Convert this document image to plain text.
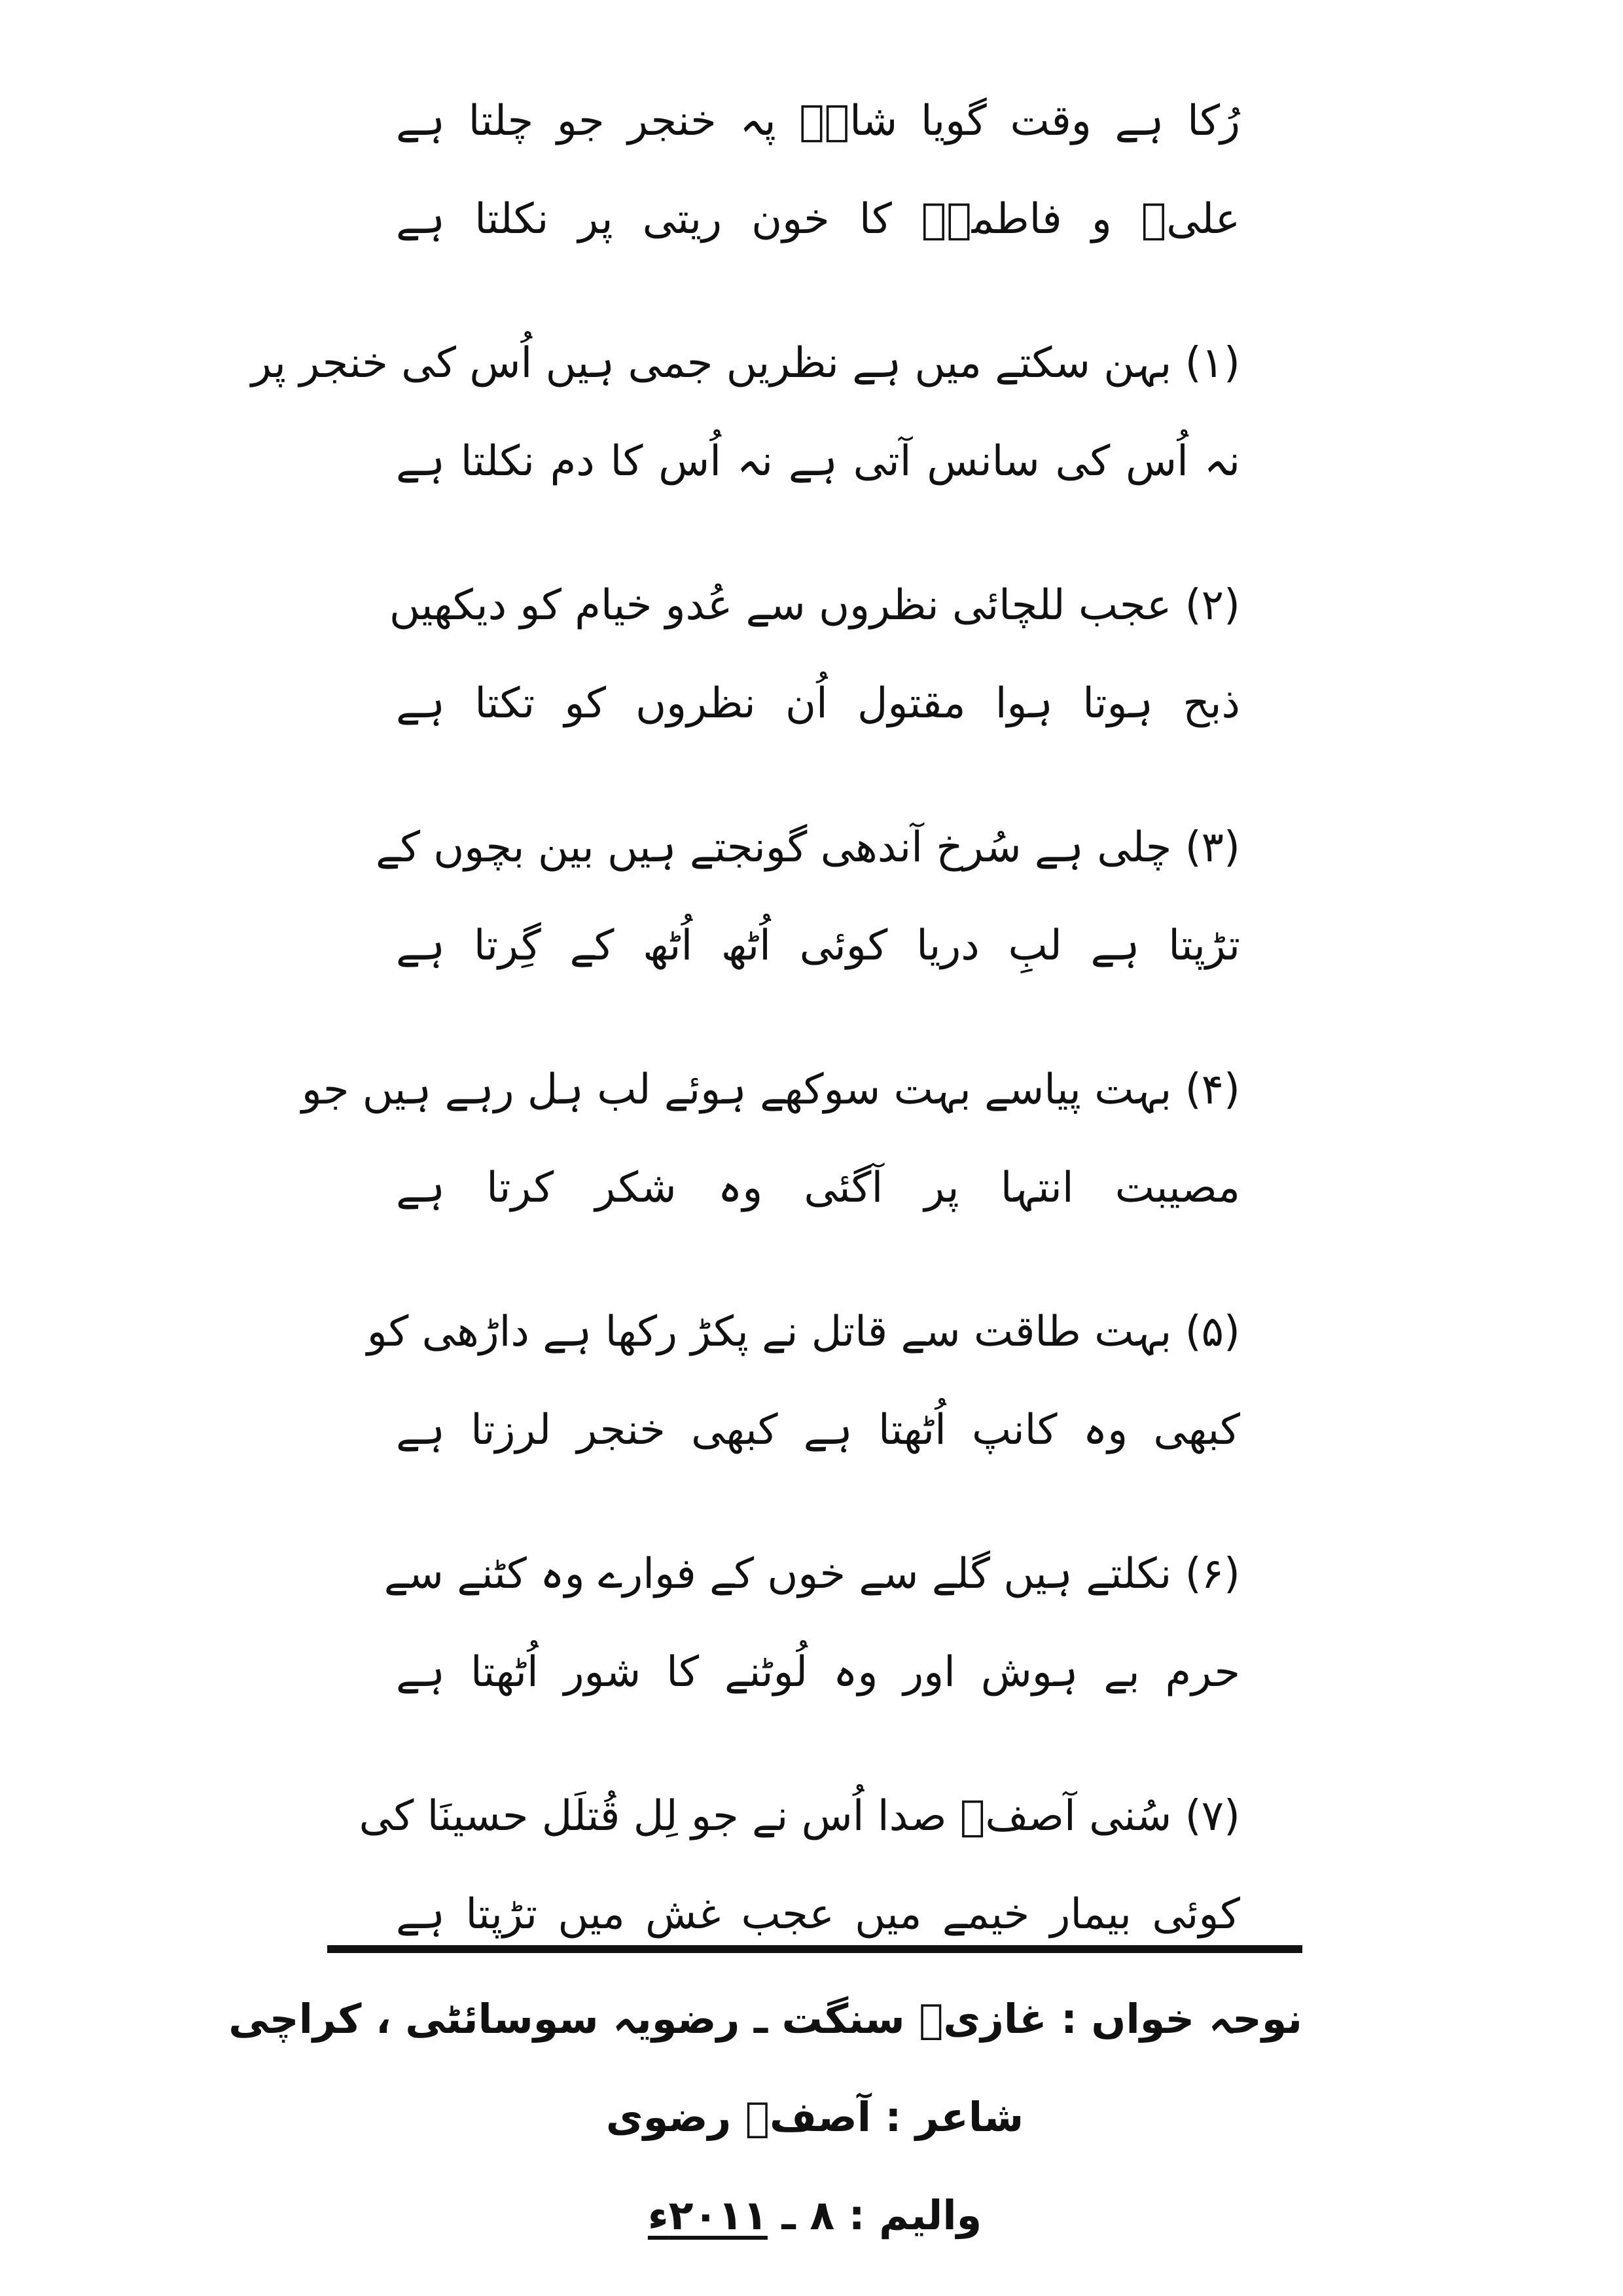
رُکا ہے وقت گویا شاہؑ پہ خنجر جو چلتا ہے
علیؑ و فاطمہؑ کا خون ریتی پر نکلتا ہے
(۱) بہن سکتے میں ہے نظریں جمی ہیں اُس کی خنجر پر
نہ اُس کی سانس آتی ہے نہ اُس کا دم نکلتا ہے
(۲) عجب للچائی نظروں سے عُدو خیام کو دیکھیں
ذبح ہوتا ہوا مقتول اُن نظروں کو تکتا ہے
(۳) چلی ہے سُرخ آندھی گونجتے ہیں بین بچوں کے
تڑپتا ہے لبِ دریا کوئی اُٹھ اُٹھ کے گِرتا ہے
(۴) بہت پیاسے بہت سوکھے ہوئے لب ہل رہے ہیں جو
مصیبت انتہا پر آگئی وہ شکر کرتا ہے
(۵) بہت طاقت سے قاتل نے پکڑ رکھا ہے داڑھی کو
کبھی وہ کانپ اُٹھتا ہے کبھی خنجر لرزتا ہے
(۶) نکلتے ہیں گلے سے خوں کے فوارے وہ کٹنے سے
حرم بے ہوش اور وہ لُوٹنے کا شور اُٹھتا ہے
(۷) سُنی آصفؔ صدا اُس نے جو لِل قُتلَل حسینَا کی
کوئی بیمار خیمے میں عجب غش میں تڑپتا ہے
نوحہ خواں : غازیؑ سنگت ـ رضویہ سوسائٹی ، کراچی
شاعر : آصفؔ رضوی
والیم : ۸ ـ ۲۰۱۱ء
